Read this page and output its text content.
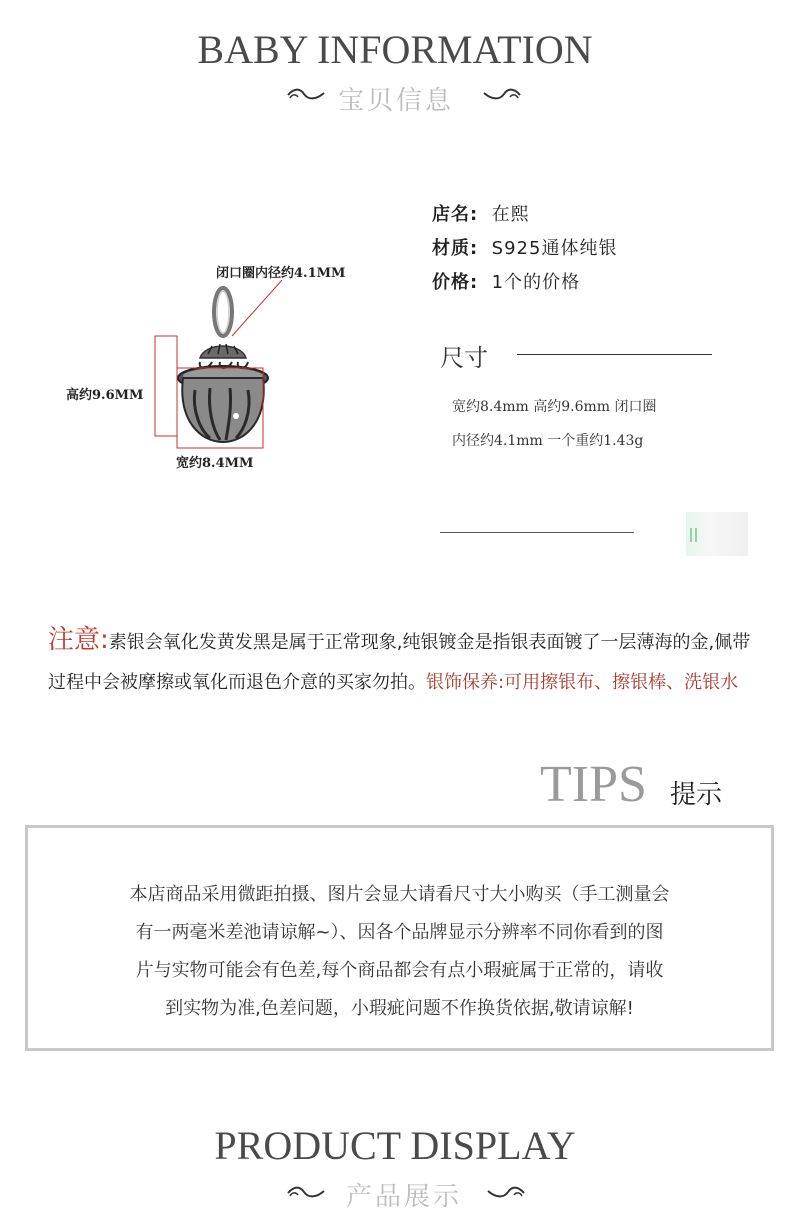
BABY INFORMATION
宝贝信息
闭口圈内径约4.1MM
高约9.6MM
宽约8.4MM
店名: 在熙
材质: S925通体纯银
价格: 1个的价格
尺寸
宽约8.4mm 高约9.6mm 闭口圈
内径约4.1mm 一个重约1.43g
注意:素银会氧化发黄发黑是属于正常现象,纯银镀金是指银表面镀了一层薄海的金,佩带过程中会被摩擦或氧化而退色介意的买家勿拍。银饰保养:可用擦银布、擦银棒、洗银水
TIPS 提示
本店商品采用微距拍摄、图片会显大请看尺寸大小购买（手工测量会
有一两毫米差池请谅解~）、因各个品牌显示分辨率不同你看到的图
片与实物可能会有色差,每个商品都会有点小瑕疵属于正常的，请收
到实物为准,色差问题，小瑕疵问题不作换货依据,敬请谅解!
PRODUCT DISPLAY
产品展示
